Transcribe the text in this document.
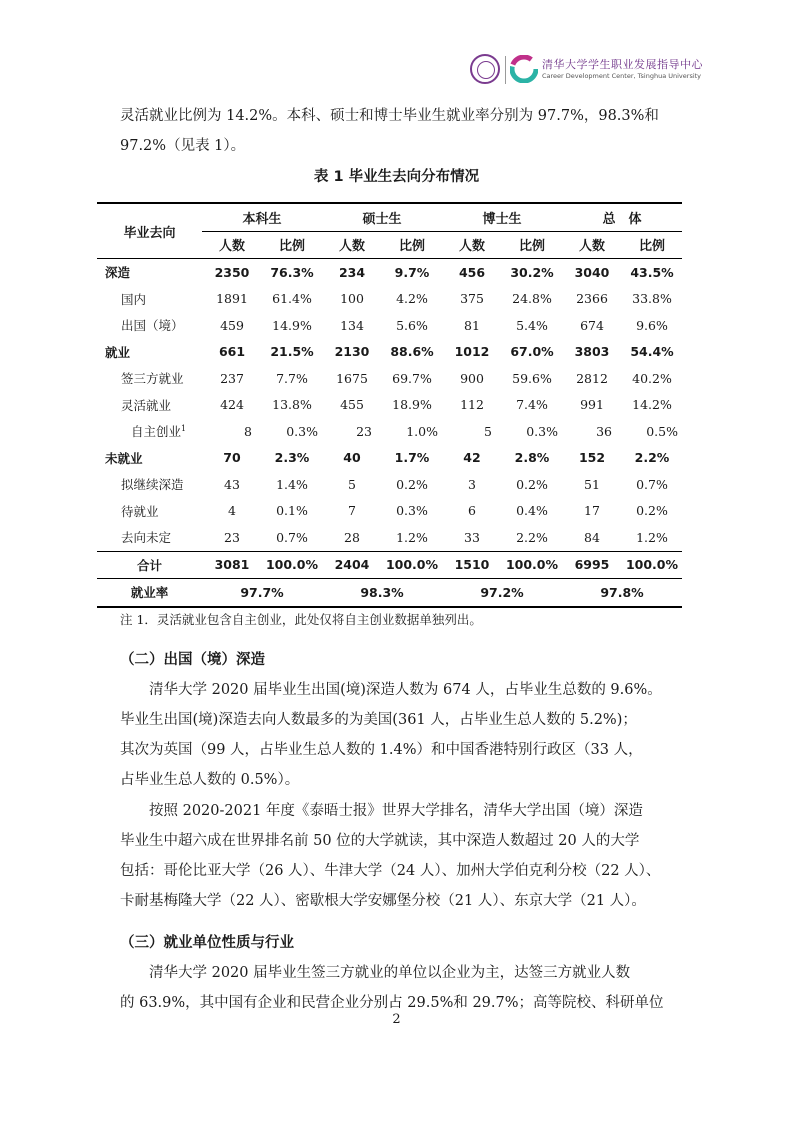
清华大学学生职业发展指导中心
Career Development Center, Tsinghua University

灵活就业比例为 14.2%。本科、硕士和博士毕业生就业率分别为 97.7%，98.3%和
97.2%（见表 1）。

表 1 毕业生去向分布情况
毕业去向	本科生		硕士生		博士生		总　体	
	人数	比例	人数	比例	人数	比例	人数	比例
深造	2350	76.3%	234	9.7%	456	30.2%	3040	43.5%
国内	1891	61.4%	100	4.2%	375	24.8%	2366	33.8%
出国（境）	459	14.9%	134	5.6%	81	5.4%	674	9.6%
就业	661	21.5%	2130	88.6%	1012	67.0%	3803	54.4%
签三方就业	237	7.7%	1675	69.7%	900	59.6%	2812	40.2%
灵活就业	424	13.8%	455	18.9%	112	7.4%	991	14.2%
自主创业$^1$	8	0.3%	23	1.0%	5	0.3%	36	0.5%
未就业	70	2.3%	40	1.7%	42	2.8%	152	2.2%
拟继续深造	43	1.4%	5	0.2%	3	0.2%	51	0.7%
待就业	4	0.1%	7	0.3%	6	0.4%	17	0.2%
去向未定	23	0.7%	28	1.2%	33	2.2%	84	1.2%
合计	3081	100.0%	2404	100.0%	1510	100.0%	6995	100.0%
就业率	97.7%		98.3%		97.2%		97.8%	
注 1．灵活就业包含自主创业，此处仅将自主创业数据单独列出。
（二）出国（境）深造

清华大学 2020 届毕业生出国(境)深造人数为 674 人，占毕业生总数的 9.6%。
毕业生出国(境)深造去向人数最多的为美国(361 人，占毕业生总人数的 5.2%)；
其次为英国（99 人，占毕业生总人数的 1.4%）和中国香港特别行政区（33 人，
占毕业生总人数的 0.5%）。

按照 2020-2021 年度《泰晤士报》世界大学排名，清华大学出国（境）深造
毕业生中超六成在世界排名前 50 位的大学就读，其中深造人数超过 20 人的大学
包括：哥伦比亚大学（26 人）、牛津大学（24 人）、加州大学伯克利分校（22 人）、
卡耐基梅隆大学（22 人）、密歇根大学安娜堡分校（21 人）、东京大学（21 人）。

（三）就业单位性质与行业

清华大学 2020 届毕业生签三方就业的单位以企业为主，达签三方就业人数
的 63.9%，其中国有企业和民营企业分别占 29.5%和 29.7%；高等院校、科研单位

2
